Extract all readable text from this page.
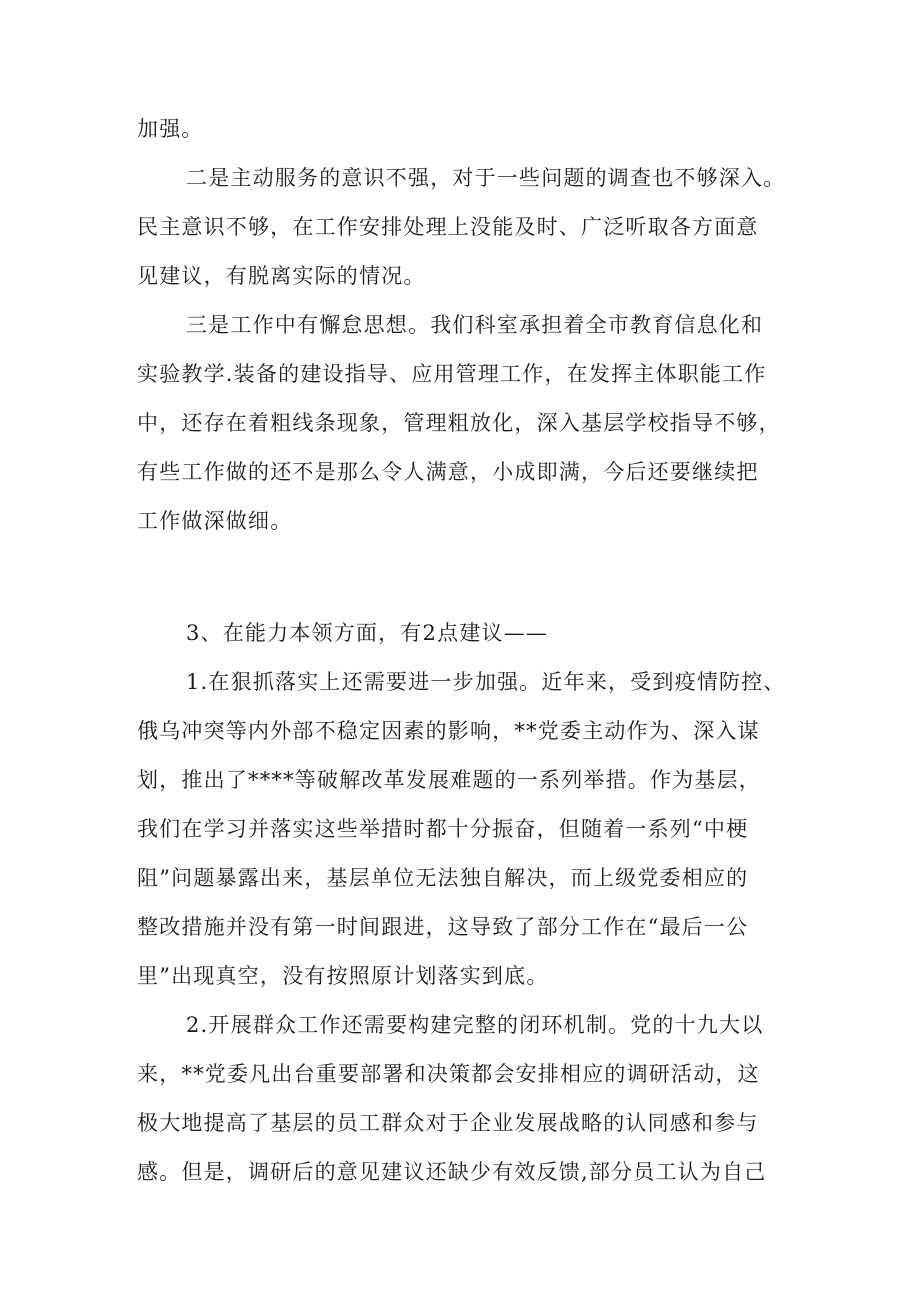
加强。
二是主动服务的意识不强，对于一些问题的调查也不够深入。
民主意识不够，在工作安排处理上没能及时、广泛听取各方面意
见建议，有脱离实际的情况。
三是工作中有懈怠思想。我们科室承担着全市教育信息化和
实验教学.装备的建设指导、应用管理工作，在发挥主体职能工作
中，还存在着粗线条现象，管理粗放化，深入基层学校指导不够，
有些工作做的还不是那么令人满意，小成即满，今后还要继续把
工作做深做细。
3、在能力本领方面，有2点建议——
1.在狠抓落实上还需要进一步加强。近年来，受到疫情防控、
俄乌冲突等内外部不稳定因素的影响，**党委主动作为、深入谋
划，推出了****等破解改革发展难题的一系列举措。作为基层，
我们在学习并落实这些举措时都十分振奋，但随着一系列“中梗
阻”问题暴露出来，基层单位无法独自解决，而上级党委相应的
整改措施并没有第一时间跟进，这导致了部分工作在“最后一公
里”出现真空，没有按照原计划落实到底。
2.开展群众工作还需要构建完整的闭环机制。党的十九大以
来，**党委凡出台重要部署和决策都会安排相应的调研活动，这
极大地提高了基层的员工群众对于企业发展战略的认同感和参与
感。但是，调研后的意见建议还缺少有效反馈,部分员工认为自己
